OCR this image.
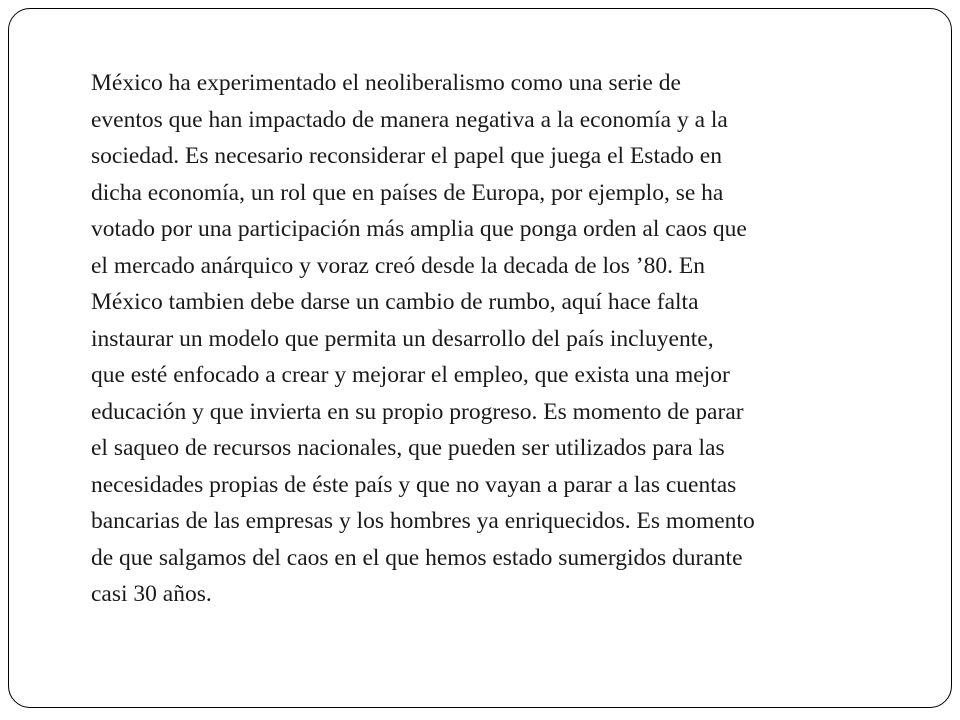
México ha experimentado el neoliberalismo como una serie de
eventos que han impactado de manera negativa a la economía y a la
sociedad. Es necesario reconsiderar el papel que juega el Estado en
dicha economía, un rol que en países de Europa, por ejemplo, se ha
votado por una participación más amplia que ponga orden al caos que
el mercado anárquico y voraz creó desde la decada de los ’80. En
México tambien debe darse un cambio de rumbo, aquí hace falta
instaurar un modelo que permita un desarrollo del país incluyente,
que esté enfocado a crear y mejorar el empleo, que exista una mejor
educación y que invierta en su propio progreso. Es momento de parar
el saqueo de recursos nacionales, que pueden ser utilizados para las
necesidades propias de éste país y que no vayan a parar a las cuentas
bancarias de las empresas y los hombres ya enriquecidos. Es momento
de que salgamos del caos en el que hemos estado sumergidos durante
casi 30 años.
